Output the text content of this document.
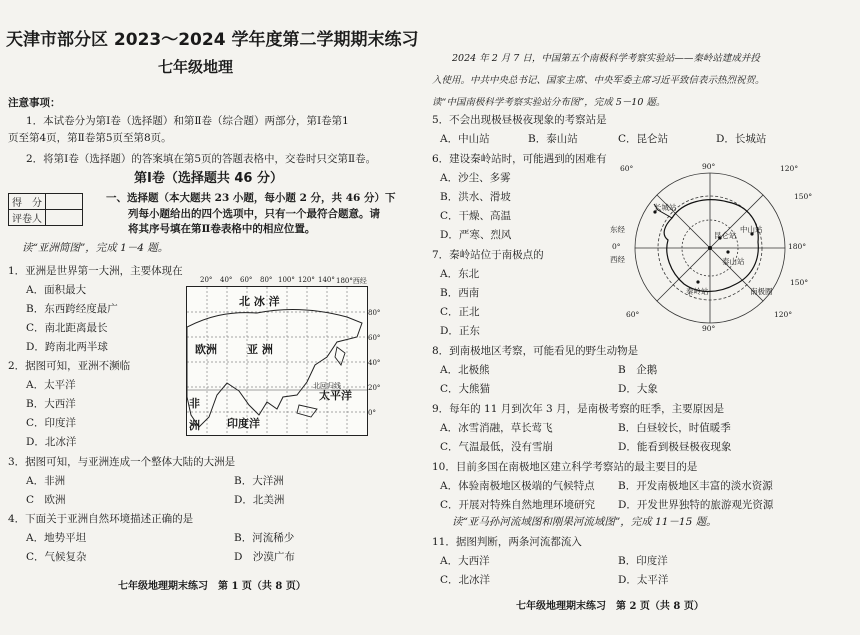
天津市部分区 2023～2024 学年度第二学期期末练习
七年级地理
注意事项：
1．本试卷分为第Ⅰ卷（选择题）和第Ⅱ卷（综合题）两部分，第Ⅰ卷第1
页至第4页，第Ⅱ卷第5页至第8页。
2．将第Ⅰ卷（选择题）的答案填在第5页的答题表格中，交卷时只交第Ⅱ卷。
得　分	
评卷人	
第Ⅰ卷（选择题共 46 分）
一、选择题（本大题共 23 小题，每小题 2 分，共 46 分）下
列每小题给出的四个选项中，只有一个最符合题意。请
将其序号填在第Ⅱ卷表格中的相应位置。
读“亚洲简图”，完成 1－4 题。
1．亚洲是世界第一大洲，主要体现在
A．面积最大
B．东西跨经度最广
C．南北距离最长
D．跨南北两半球
2．据图可知，亚洲不濒临
A．太平洋
B．大西洋
C．印度洋
D．北冰洋
3．据图可知，与亚洲连成一个整体大陆的大洲是
A．非洲	B．大洋洲
C　欧洲	D．北美洲
4．下面关于亚洲自然环境描述正确的是
A．地势平坦	B．河流稀少
C．气候复杂	D　沙漠广布
七年级地理期末练习　第 1 页（共 8 页）
北 冰 洋
欧洲	亚 洲
太平洋
印度洋
非
洲
北回归线
20° 40° 60° 80° 100° 120° 140° 180°西经
80°
60°
40°
20°
0°
2024 年 2 月 7 日，中国第五个南极科学考察实验站——秦岭站建成并投
入使用。中共中央总书记、国家主席、中央军委主席习近平致信表示热烈祝贺。
读“中国南极科学考察实验站分布图”，完成 5－10 题。
5．不会出现极昼极夜现象的考察站是
A．中山站	B．泰山站	C．昆仑站	D．长城站
6．建设秦岭站时，可能遇到的困难有
A．沙尘、多雾
B．洪水、滑坡
C．干燥、高温
D．严寒、烈风
7．秦岭站位于南极点的
A．东北
B．西南
C．正北
D．正东
8．到南极地区考察，可能看见的野生动物是
A．北极熊	B　企鹅
C．大熊猫	D．大象
9．每年的 11 月到次年 3 月，是南极考察的旺季，主要原因是
A．冰雪消融，草长莺飞	B．白昼较长，时值暖季
C．气温最低，没有雪崩	D．能看到极昼极夜现象
10．目前多国在南极地区建立科学考察站的最主要目的是
A．体验南极地区极端的气候特点 B．开发南极地区丰富的淡水资源
C．开展对特殊自然地理环境研究 D．开发世界独特的旅游观光资源
读“亚马孙河流域图和刚果河流域图”，完成 11－15 题。
11．据图判断，两条河流都流入
A．大西洋	B．印度洋
C．北冰洋	D．太平洋
七年级地理期末练习　第 2 页（共 8 页）
60°	90°	120°
150°
180°
150°
120°
90°
60°
东经
0°
西经
长城站
中山站
秦岭站
泰山站
昆仑站
南极圈
